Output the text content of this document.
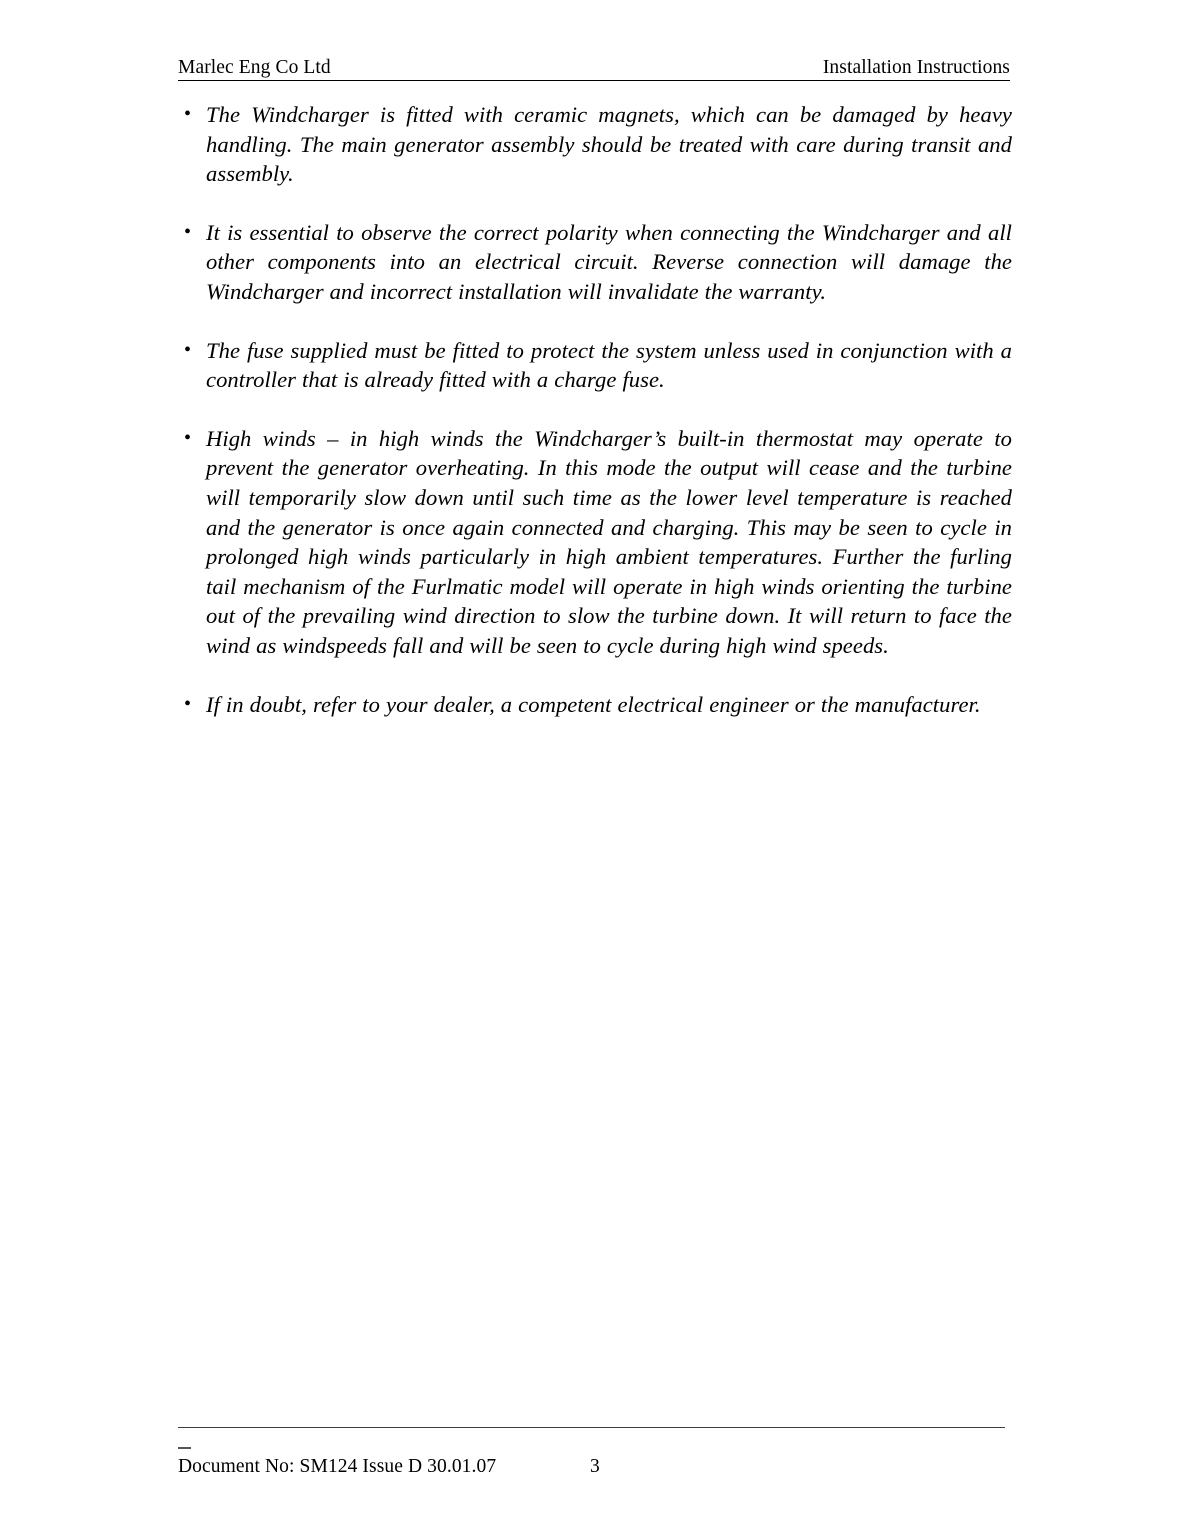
Marlec Eng Co Ltd	Installation Instructions
• The Windcharger is fitted with ceramic magnets, which can be damaged by heavy handling. The main generator assembly should be treated with care during transit and assembly.
• It is essential to observe the correct polarity when connecting the Windcharger and all other components into an electrical circuit. Reverse connection will damage the Windcharger and incorrect installation will invalidate the warranty.
• The fuse supplied must be fitted to protect the system unless used in conjunction with a controller that is already fitted with a charge fuse.
• High winds – in high winds the Windcharger’s built-in thermostat may operate to prevent the generator overheating. In this mode the output will cease and the turbine will temporarily slow down until such time as the lower level temperature is reached and the generator is once again connected and charging. This may be seen to cycle in prolonged high winds particularly in high ambient temperatures. Further the furling tail mechanism of the Furlmatic model will operate in high winds orienting the turbine out of the prevailing wind direction to slow the turbine down. It will return to face the wind as windspeeds fall and will be seen to cycle during high wind speeds.
• If in doubt, refer to your dealer, a competent electrical engineer or the manufacturer.
Document No: SM124 Issue D 30.01.07	3
